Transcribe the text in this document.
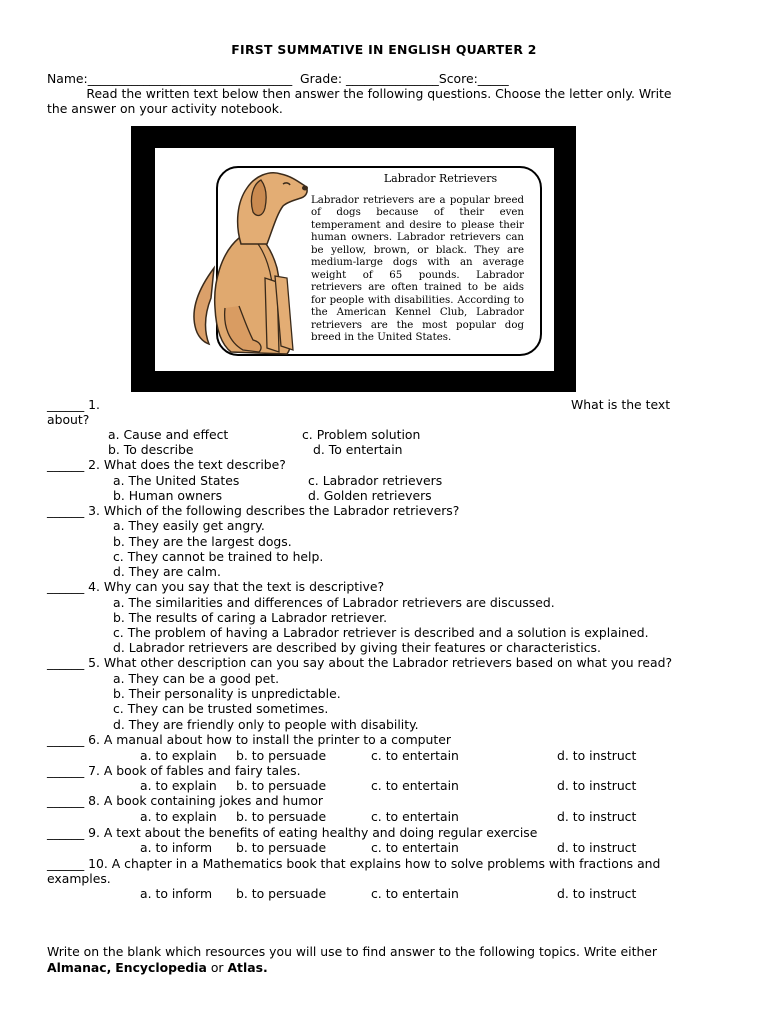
FIRST SUMMATIVE IN ENGLISH QUARTER 2
Name:_________________________________  Grade: _______________Score:_____
Read the written text below then answer the following questions. Choose the letter only. Write
the answer on your activity notebook.
Labrador Retrievers
Labrador retrievers are a popular breed of dogs because of their even temperament and desire to please their human owners. Labrador retrievers can be yellow, brown, or black. They are medium-large dogs with an average weight of 65 pounds. Labrador retrievers are often trained to be aids for people with disabilities. According to the American Kennel Club, Labrador retrievers are the most popular dog breed in the United States.
______ 1.	What is the text
about?
a. Cause and effect	c. Problem solution
b. To describe	d. To entertain
______ 2. What does the text describe?
a. The United States	c. Labrador retrievers
b. Human owners	d. Golden retrievers
______ 3. Which of the following describes the Labrador retrievers?
a. They easily get angry.
b. They are the largest dogs.
c. They cannot be trained to help.
d. They are calm.
______ 4. Why can you say that the text is descriptive?
a. The similarities and differences of Labrador retrievers are discussed.
b. The results of caring a Labrador retriever.
c. The problem of having a Labrador retriever is described and a solution is explained.
d. Labrador retrievers are described by giving their features or characteristics.
______ 5. What other description can you say about the Labrador retrievers based on what you read?
a. They can be a good pet.
b. Their personality is unpredictable.
c. They can be trusted sometimes.
d. They are friendly only to people with disability.
______ 6. A manual about how to install the printer to a computer
a. to explain b. to persuade	c. to entertain	d. to instruct
______ 7. A book of fables and fairy tales.
a. to explain b. to persuade	c. to entertain	d. to instruct
______ 8. A book containing jokes and humor
a. to explain b. to persuade	c. to entertain	d. to instruct
______ 9. A text about the benefits of eating healthy and doing regular exercise
a. to inform b. to persuade	c. to entertain	d. to instruct
______ 10. A chapter in a Mathematics book that explains how to solve problems with fractions and
examples.
a. to inform b. to persuade	c. to entertain	d. to instruct
Write on the blank which resources you will use to find answer to the following topics. Write either
Almanac, Encyclopedia or Atlas.
